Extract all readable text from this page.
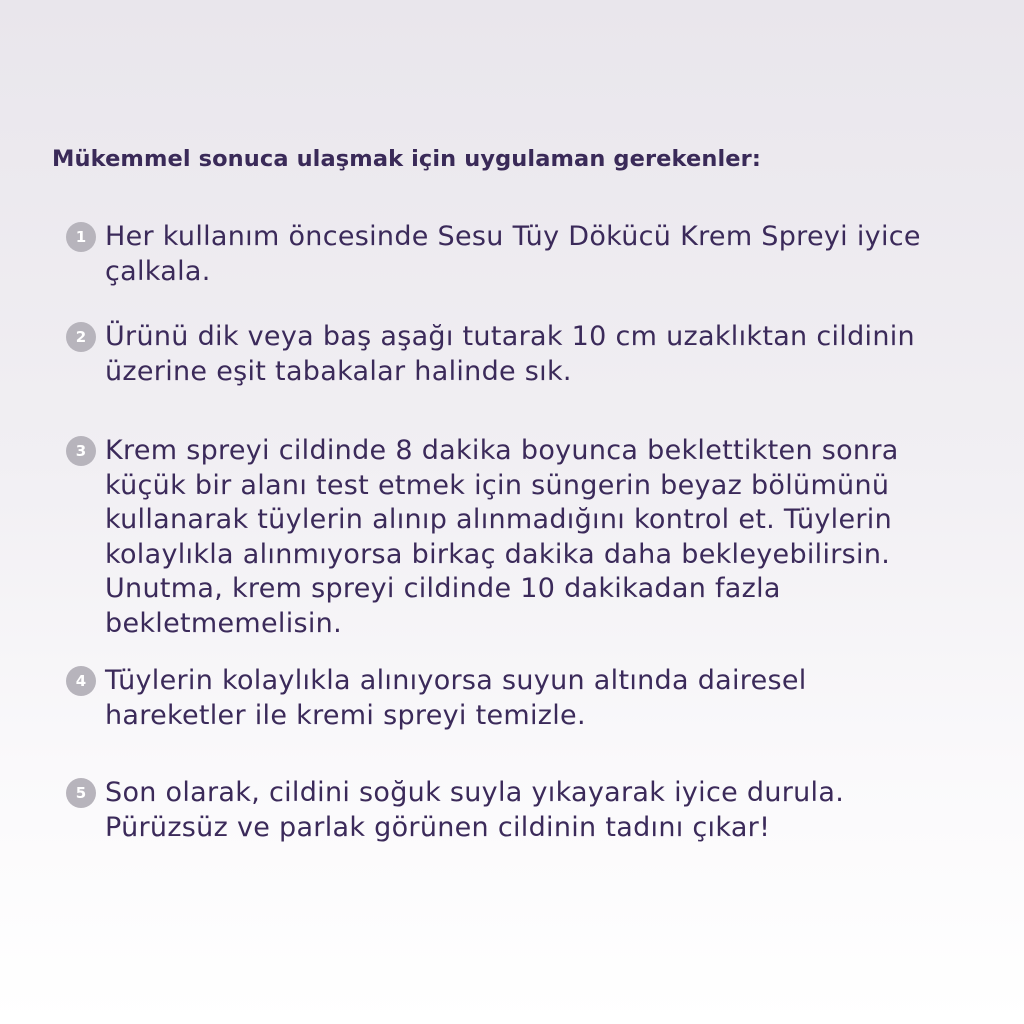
Mükemmel sonuca ulaşmak için uygulaman gerekenler:
1 Her kullanım öncesinde Sesu Tüy Dökücü Krem Spreyi iyice çalkala.
2 Ürünü dik veya baş aşağı tutarak 10 cm uzaklıktan cildinin üzerine eşit tabakalar halinde sık.
3 Krem spreyi cildinde 8 dakika boyunca beklettikten sonra küçük bir alanı test etmek için süngerin beyaz bölümünü kullanarak tüylerin alınıp alınmadığını kontrol et. Tüylerin kolaylıkla alınmıyorsa birkaç dakika daha bekleyebilirsin. Unutma, krem spreyi cildinde 10 dakikadan fazla bekletmemelisin.
4 Tüylerin kolaylıkla alınıyorsa suyun altında dairesel hareketler ile kremi spreyi temizle.
5 Son olarak, cildini soğuk suyla yıkayarak iyice durula. Pürüzsüz ve parlak görünen cildinin tadını çıkar!
